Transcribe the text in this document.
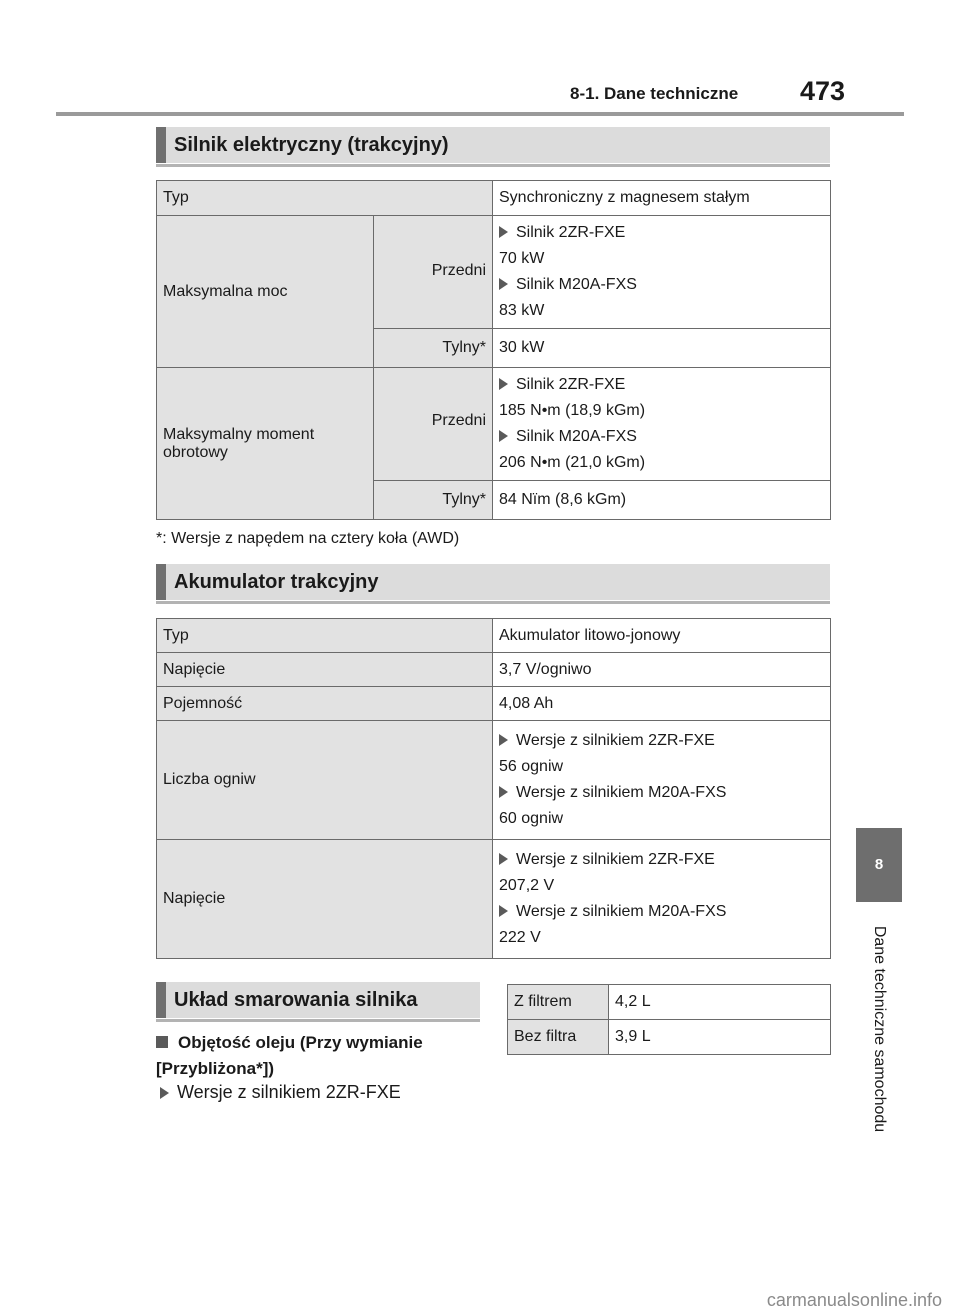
8-1. Dane techniczne 473
Silnik elektryczny (trakcyjny)
Typ		Synchroniczny z magnesem stałym
Maksymalna moc	Przedni	Silnik 2ZR-FXE
70 kW
Silnik M20A-FXS
83 kW

	Tylny*	30 kW
Maksymalny moment obrotowy	Przedni	Silnik 2ZR-FXE
185 N•m (18,9 kGm)
Silnik M20A-FXS
206 N•m (21,0 kGm)

	Tylny*	84 Nïm (8,6 kGm)
*: Wersje z napędem na cztery koła (AWD)
Akumulator trakcyjny
Typ	Akumulator litowo-jonowy
Napięcie	3,7 V/ogniwo
Pojemność	4,08 Ah
Liczba ogniw	Wersje z silnikiem 2ZR-FXE
56 ogniw
Wersje z silnikiem M20A-FXS
60 ogniw

Napięcie	Wersje z silnikiem 2ZR-FXE
207,2 V
Wersje z silnikiem M20A-FXS
222 V
Układ smarowania silnika
Objętość oleju (Przy wymianie [Przybliżona*])
Wersje z silnikiem 2ZR-FXE
Z filtrem	4,2 L
Bez filtra	3,9 L
8
Dane techniczne samochodu
carmanualsonline.info
